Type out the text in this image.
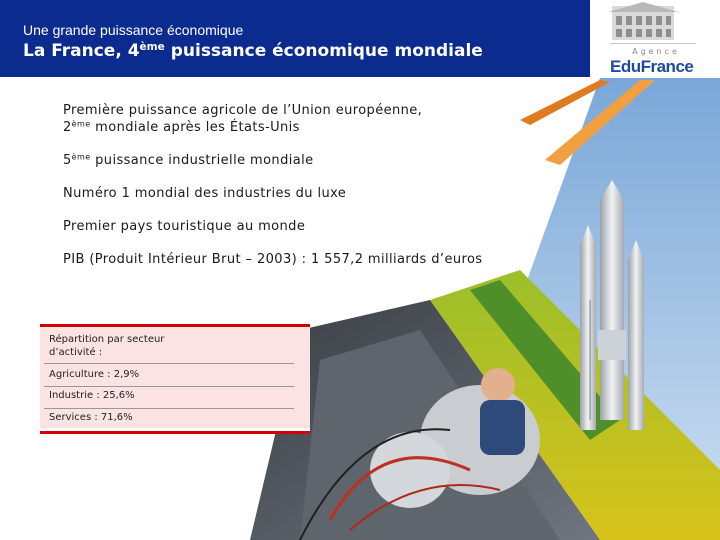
Une grande puissance économique
La France, 4ème puissance économique mondiale	Agence
EduFrance
Première puissance agricole de l’Union européenne,
2ème mondiale après les États-Unis
5ème puissance industrielle mondiale
Numéro 1 mondial des industries du luxe
Premier pays touristique au monde
PIB (Produit Intérieur Brut – 2003) : 1 557,2 milliards d’euros
Répartition par secteur d’activité :
Agriculture : 2,9%
Industrie : 25,6%
Services : 71,6%
